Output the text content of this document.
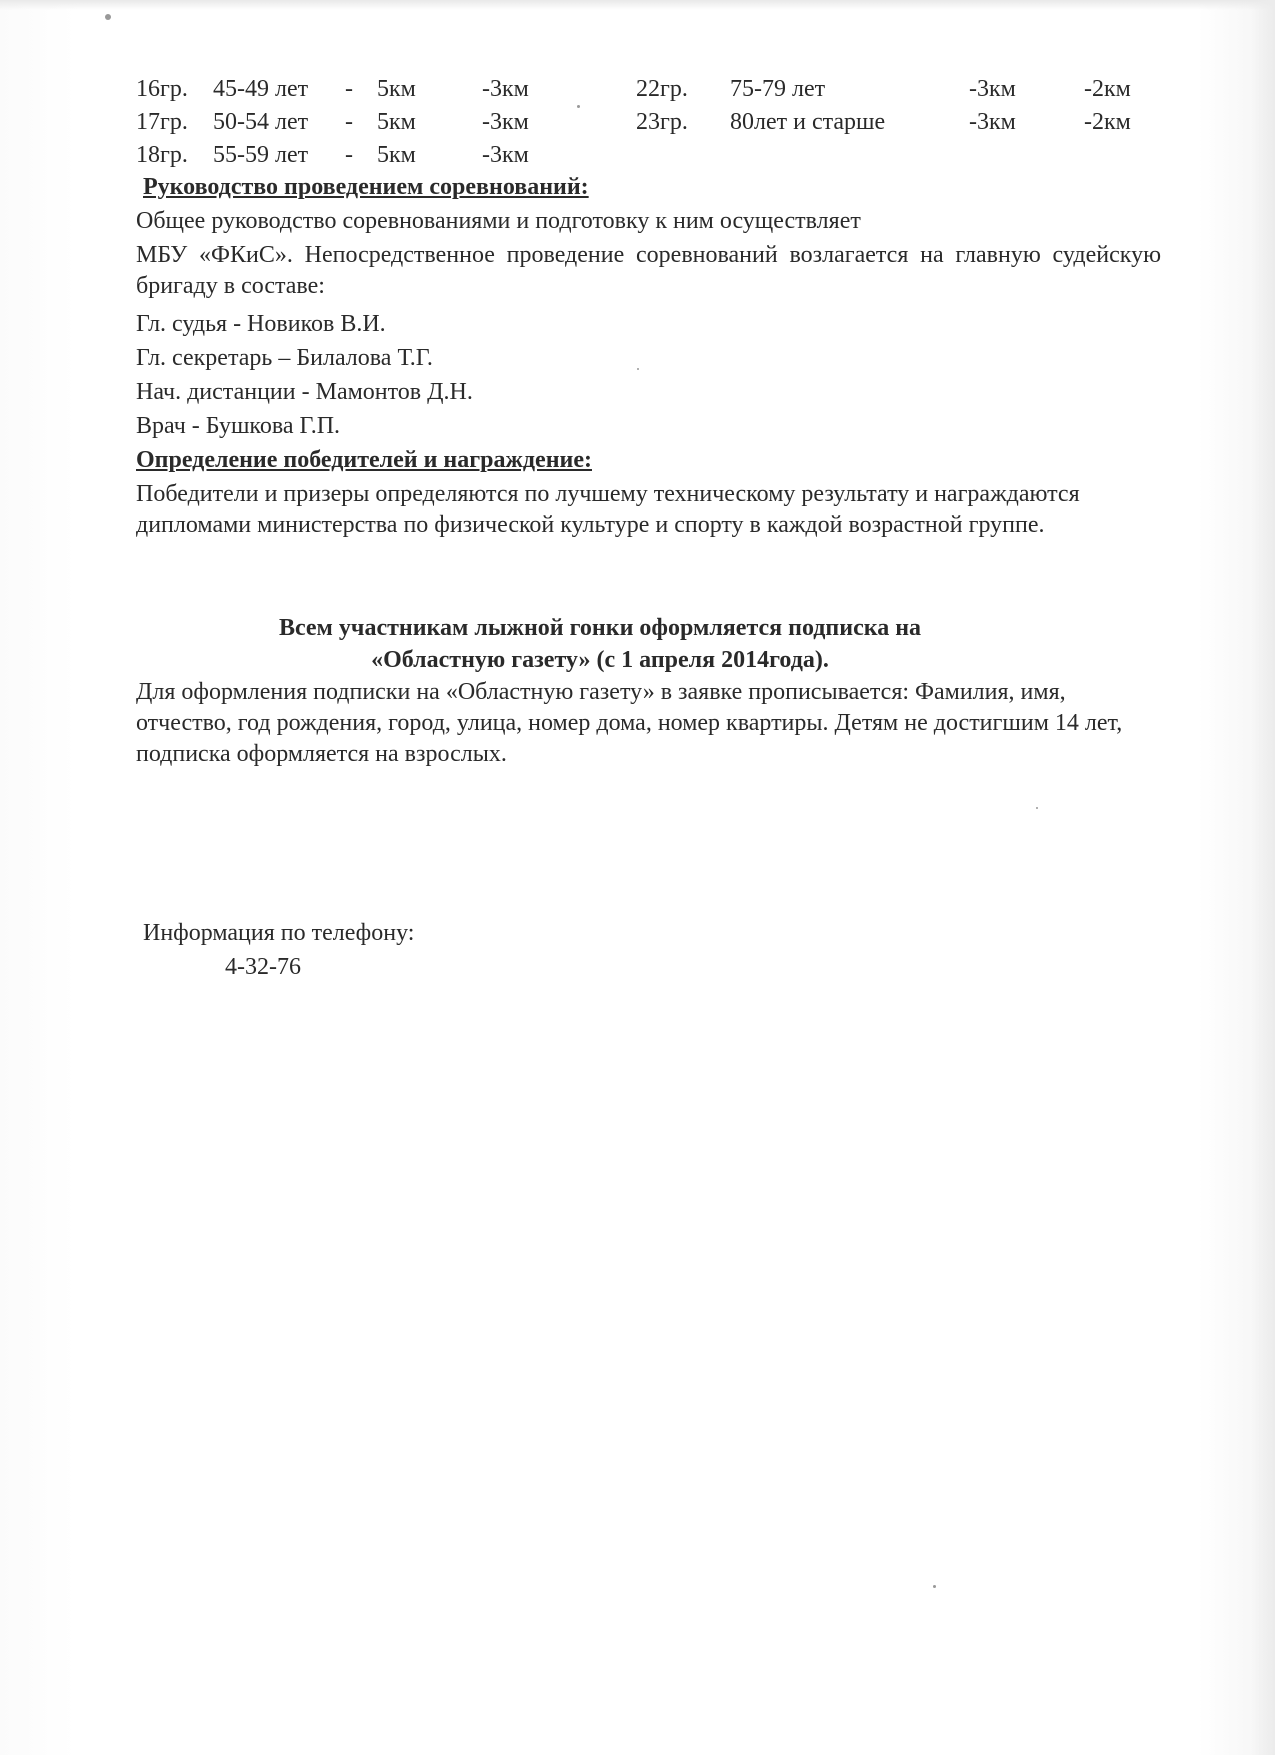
16гр. 45-49 лет - 5км	-3км	22гр. 75-79 лет	-3км	-2км
17гр. 50-54 лет - 5км	-3км	23гр. 80лет и старше	-3км	-2км
18гр. 55-59 лет - 5км	-3км
Руководство проведением соревнований:
Общее руководство соревнованиями и подготовку к ним осуществляет
МБУ «ФКиС». Непосредственное проведение соревнований возлагается на главную судейскую бригаду в составе:
Гл. судья - Новиков В.И.
Гл. секретарь – Билалова Т.Г.
Нач. дистанции - Мамонтов Д.Н.
Врач - Бушкова Г.П.
Определение победителей и награждение:
Победители и призеры определяются по лучшему техническому результату и награждаются дипломами министерства по физической культуре и спорту в каждой возрастной группе.
Всем участникам лыжной гонки оформляется подписка на
«Областную газету» (с 1 апреля 2014года).
Для оформления подписки на «Областную газету» в заявке прописывается: Фамилия, имя, отчество, год рождения, город, улица, номер дома, номер квартиры. Детям не достигшим 14 лет, подписка оформляется на взрослых.
Информация по телефону:
4-32-76
